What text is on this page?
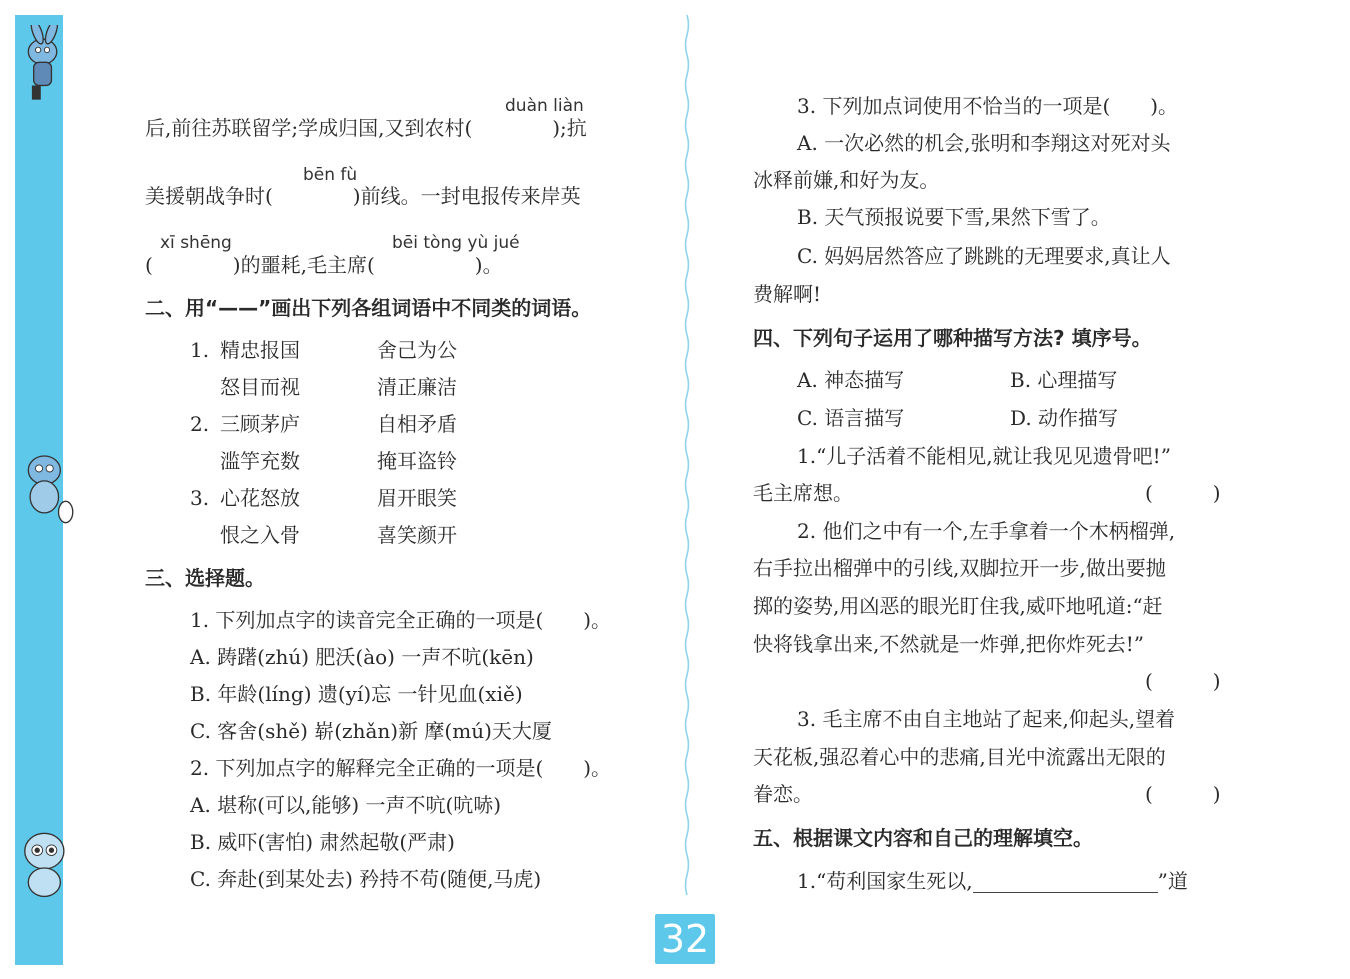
32
duàn liàn
后,前往苏联留学;学成归国,又到农村(　　　　);抗
bēn fù
美援朝战争时(　　　　)前线。一封电报传来岸英
xī shēng	bēi tòng yù jué
(　　　　)的噩耗,毛主席(　　　　　)。
二、用“——”画出下列各组词语中不同类的词语。
1. 精忠报国	舍己为公
怒目而视	清正廉洁
2. 三顾茅庐	自相矛盾
滥竽充数	掩耳盗铃
3. 心花怒放	眉开眼笑
恨之入骨	喜笑颜开
三、选择题。
1. 下列加点字的读音完全正确的一项是(　　)。
A. 踌躇(zhú) 肥沃(ào) 一声不吭(kēn)
B. 年龄(líng) 遗(yí)忘 一针见血(xiě)
C. 客舍(shě) 崭(zhǎn)新 摩(mú)天大厦
2. 下列加点字的解释完全正确的一项是(　　)。
A. 堪称(可以,能够) 一声不吭(吭哧)
B. 威吓(害怕) 肃然起敬(严肃)
C. 奔赴(到某处去) 矜持不苟(随便,马虎)
3. 下列加点词使用不恰当的一项是(　　)。
A. 一次必然的机会,张明和李翔这对死对头
冰释前嫌,和好为友。
B. 天气预报说要下雪,果然下雪了。
C. 妈妈居然答应了跳跳的无理要求,真让人
费解啊!
四、下列句子运用了哪种描写方法? 填序号。
A. 神态描写	B. 心理描写
C. 语言描写	D. 动作描写
1.“儿子活着不能相见,就让我见见遗骨吧!”
毛主席想。	(　　　)
2. 他们之中有一个,左手拿着一个木柄榴弹,
右手拉出榴弹中的引线,双脚拉开一步,做出要抛
掷的姿势,用凶恶的眼光盯住我,威吓地吼道:“赶
快将钱拿出来,不然就是一炸弹,把你炸死去!”
(　　　)
3. 毛主席不由自主地站了起来,仰起头,望着
天花板,强忍着心中的悲痛,目光中流露出无限的
眷恋。	(　　　)
五、根据课文内容和自己的理解填空。
1.“苟利国家生死以,	”道
